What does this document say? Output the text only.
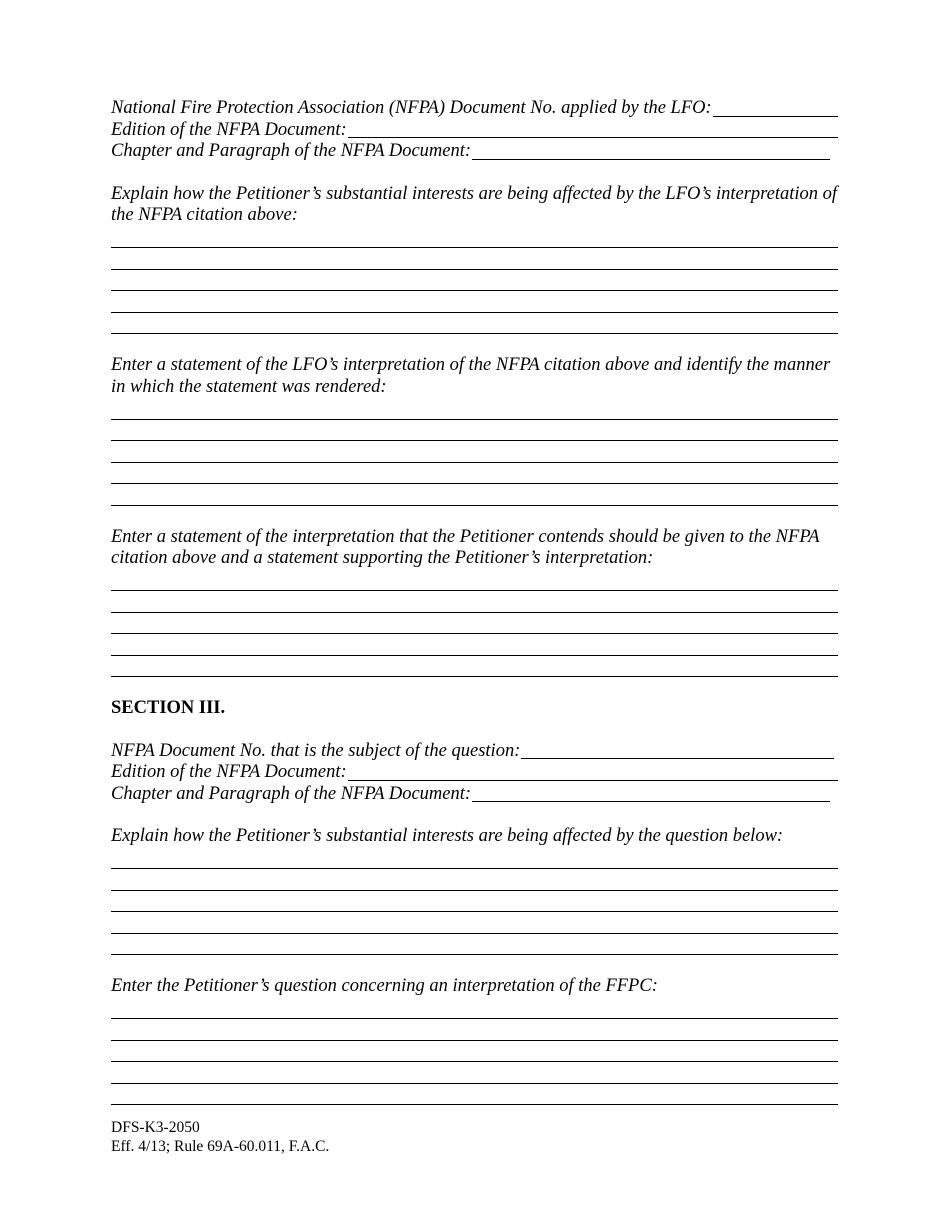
National Fire Protection Association (NFPA) Document No. applied by the LFO:
Edition of the NFPA Document:
Chapter and Paragraph of the NFPA Document:

Explain how the Petitioner’s substantial interests are being affected by the LFO’s interpretation of the NFPA citation above:

Enter a statement of the LFO’s interpretation of the NFPA citation above and identify the manner in which the statement was rendered:

Enter a statement of the interpretation that the Petitioner contends should be given to the NFPA citation above and a statement supporting the Petitioner’s interpretation:

SECTION III.

NFPA Document No. that is the subject of the question:
Edition of the NFPA Document:
Chapter and Paragraph of the NFPA Document:

Explain how the Petitioner’s substantial interests are being affected by the question below:

Enter the Petitioner’s question concerning an interpretation of the FFPC:

DFS-K3-2050
Eff. 4/13; Rule 69A-60.011, F.A.C.
